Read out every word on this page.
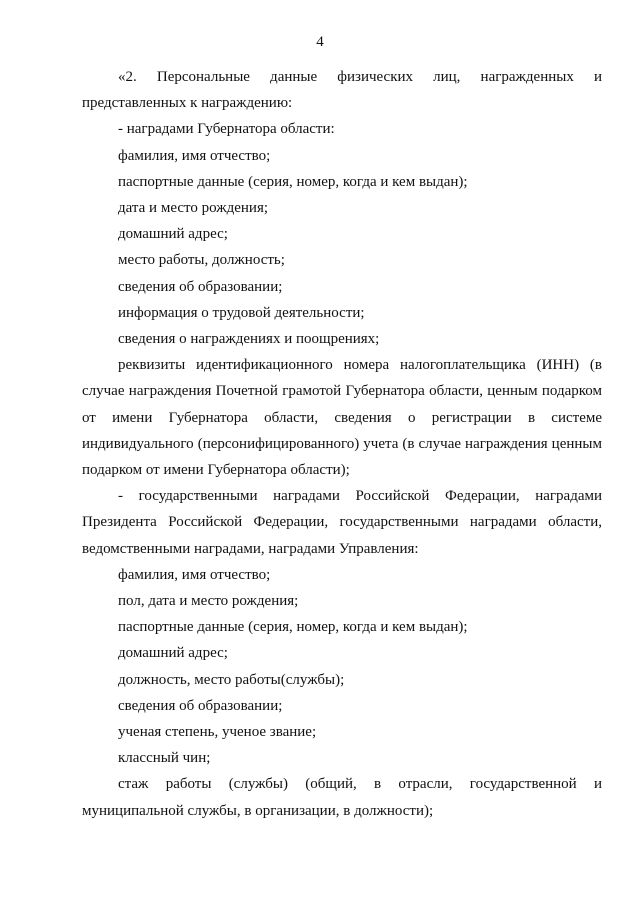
4

«2. Персональные данные физических лиц, награжденных и представленных к награждению:

- наградами Губернатора области:

фамилия, имя отчество;

паспортные данные (серия, номер, когда и кем выдан);

дата и место рождения;

домашний адрес;

место работы, должность;

сведения об образовании;

информация о трудовой деятельности;

сведения о награждениях и поощрениях;

реквизиты идентификационного номера налогоплательщика (ИНН) (в случае награждения Почетной грамотой Губернатора области, ценным подарком от имени Губернатора области, сведения о регистрации в системе индивидуального (персонифицированного) учета (в случае награждения ценным подарком от имени Губернатора области);

- государственными наградами Российской Федерации, наградами Президента Российской Федерации, государственными наградами области, ведомственными наградами, наградами Управления:

фамилия, имя отчество;

пол, дата и место рождения;

паспортные данные (серия, номер, когда и кем выдан);

домашний адрес;

должность, место работы(службы);

сведения об образовании;

ученая степень, ученое звание;

классный чин;

стаж работы (службы) (общий, в отрасли, государственной и муниципальной службы, в организации, в должности);
